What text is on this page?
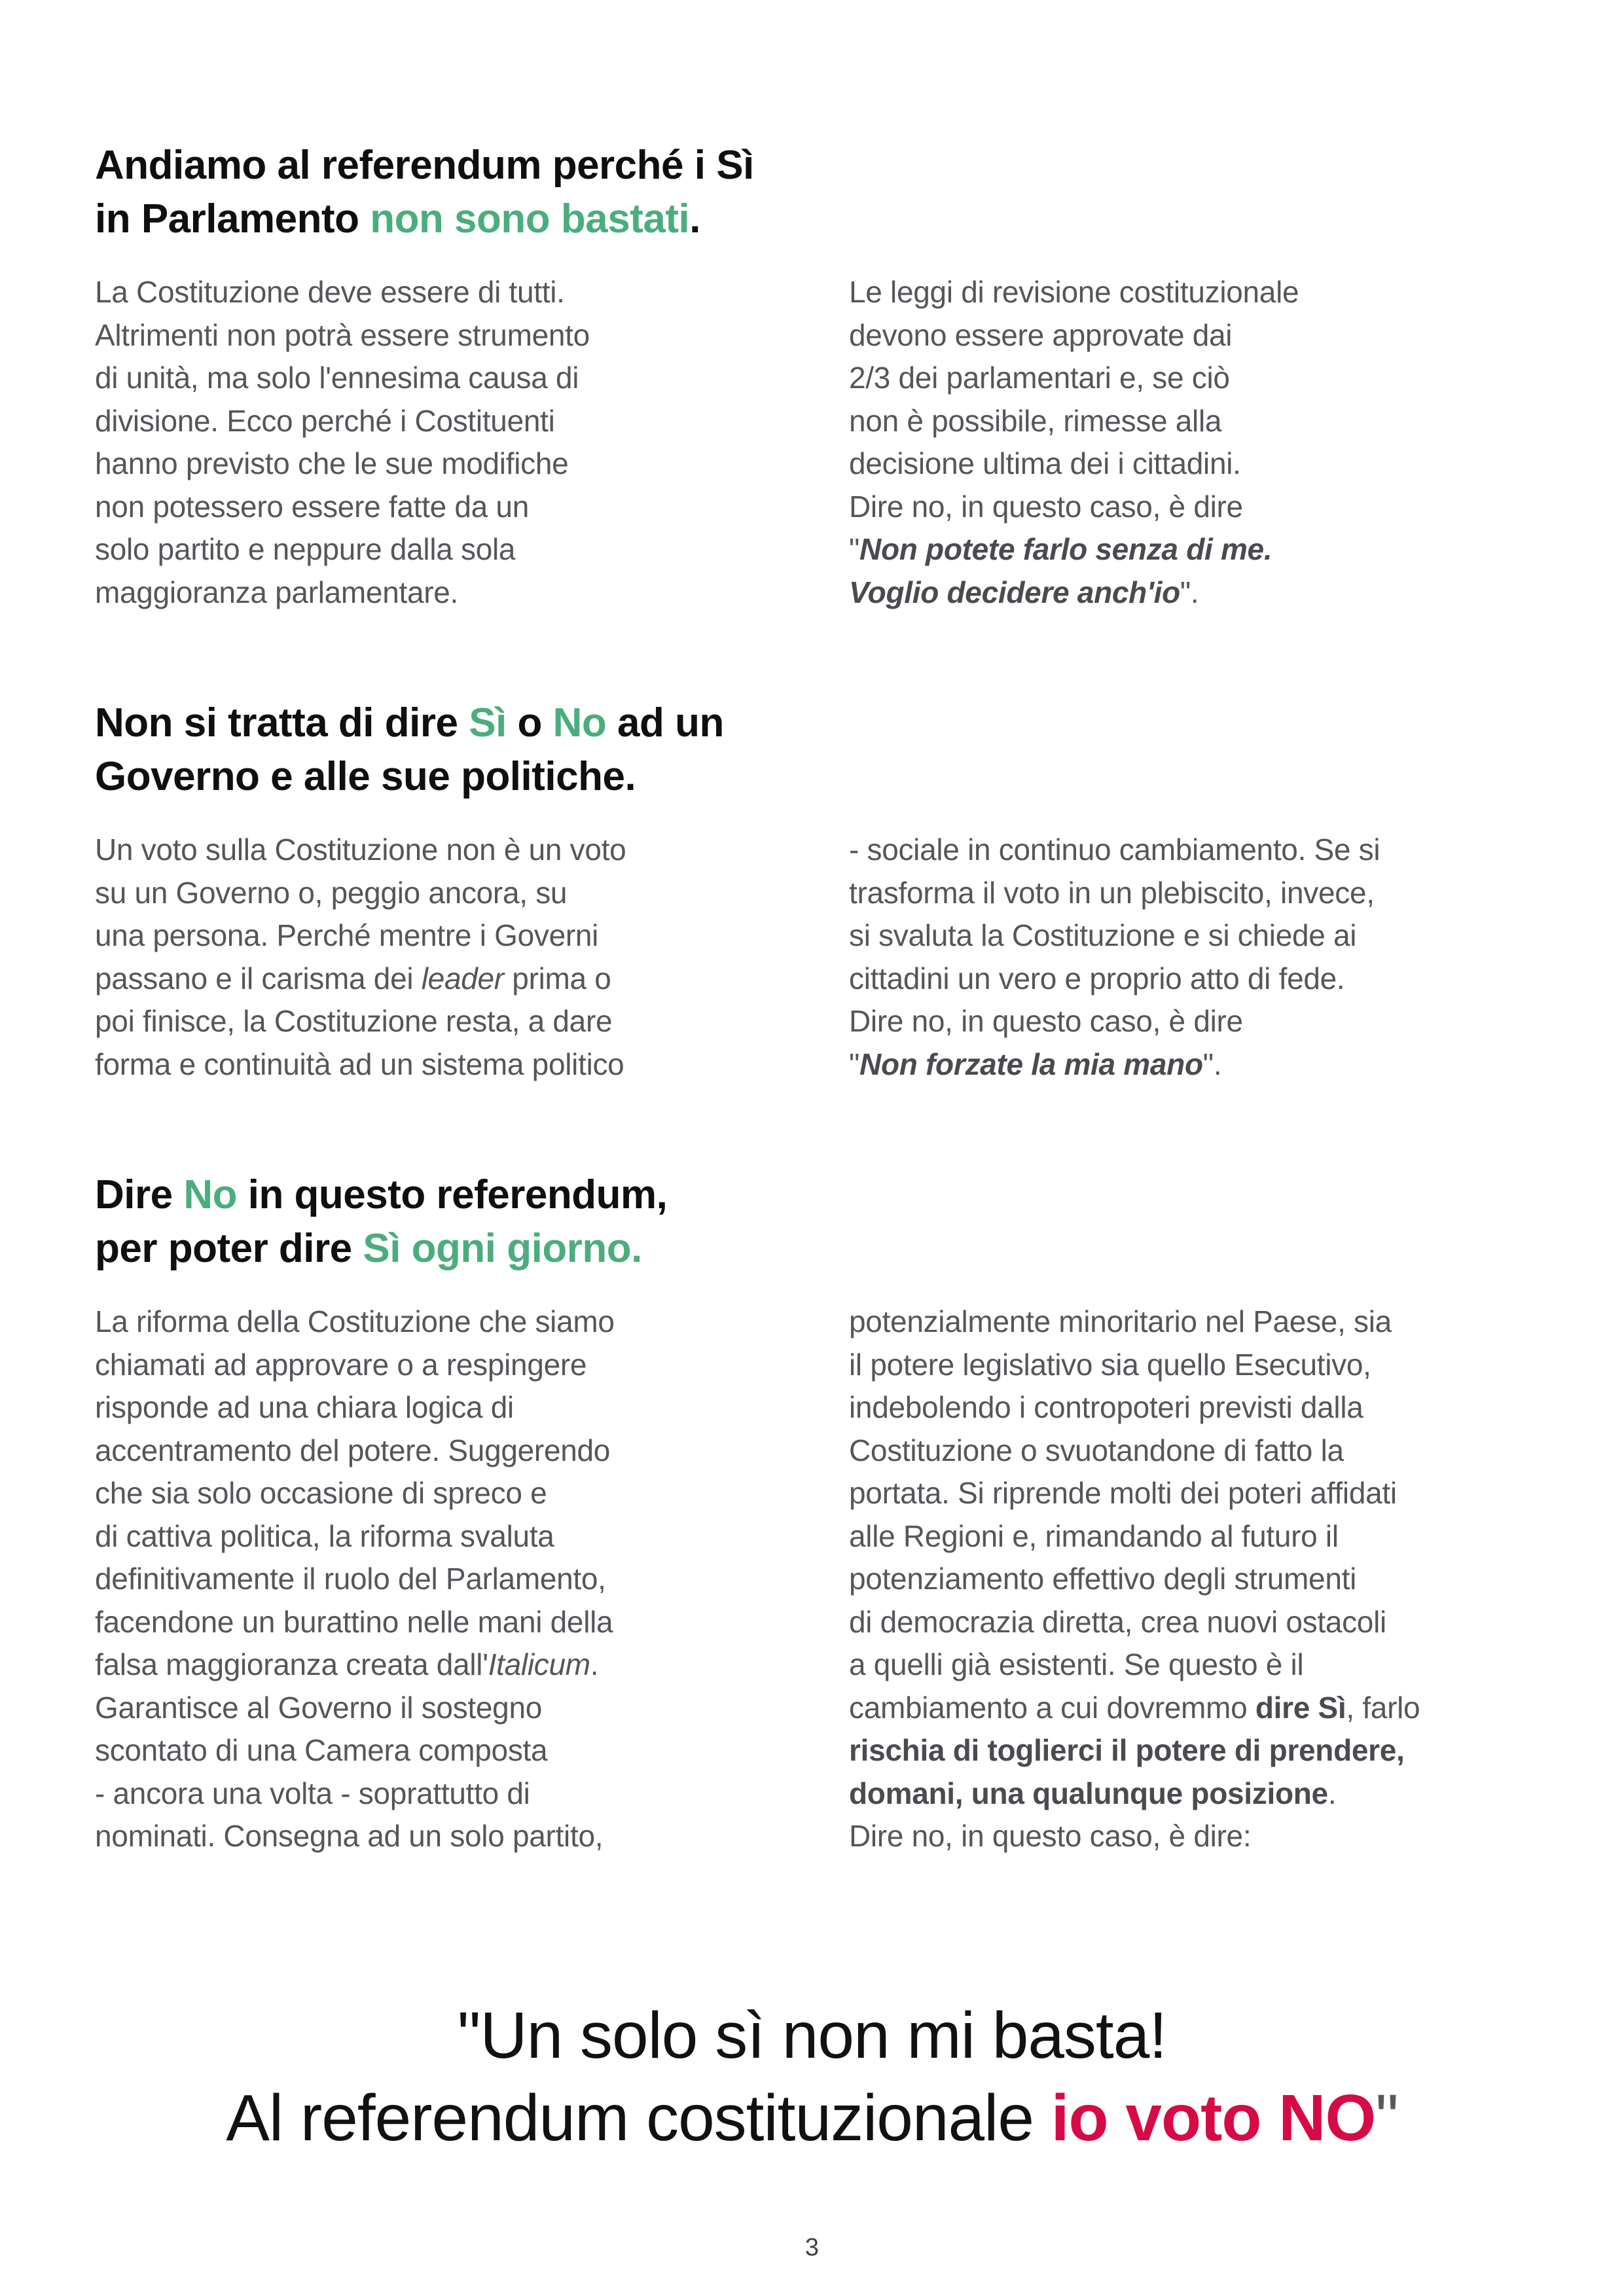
Andiamo al referendum perché i Sì
in Parlamento non sono bastati.

La Costituzione deve essere di tutti.
Altrimenti non potrà essere strumento
di unità, ma solo l'ennesima causa di
divisione. Ecco perché i Costituenti
hanno previsto che le sue modifiche
non potessero essere fatte da un
solo partito e neppure dalla sola
maggioranza parlamentare.

Le leggi di revisione costituzionale
devono essere approvate dai
2/3 dei parlamentari e, se ciò
non è possibile, rimesse alla
decisione ultima dei i cittadini.
Dire no, in questo caso, è dire
"Non potete farlo senza di me.
Voglio decidere anch'io".

Non si tratta di dire Sì o No ad un
Governo e alle sue politiche.

Un voto sulla Costituzione non è un voto
su un Governo o, peggio ancora, su
una persona. Perché mentre i Governi
passano e il carisma dei leader prima o
poi finisce, la Costituzione resta, a dare
forma e continuità ad un sistema politico

- sociale in continuo cambiamento. Se si
trasforma il voto in un plebiscito, invece,
si svaluta la Costituzione e si chiede ai
cittadini un vero e proprio atto di fede.
Dire no, in questo caso, è dire
"Non forzate la mia mano".

Dire No in questo referendum,
per poter dire Sì ogni giorno.

La riforma della Costituzione che siamo
chiamati ad approvare o a respingere
risponde ad una chiara logica di
accentramento del potere. Suggerendo
che sia solo occasione di spreco e
di cattiva politica, la riforma svaluta
definitivamente il ruolo del Parlamento,
facendone un burattino nelle mani della
falsa maggioranza creata dall'Italicum.
Garantisce al Governo il sostegno
scontato di una Camera composta
- ancora una volta - soprattutto di
nominati. Consegna ad un solo partito,

potenzialmente minoritario nel Paese, sia
il potere legislativo sia quello Esecutivo,
indebolendo i contropoteri previsti dalla
Costituzione o svuotandone di fatto la
portata. Si riprende molti dei poteri affidati
alle Regioni e, rimandando al futuro il
potenziamento effettivo degli strumenti
di democrazia diretta, crea nuovi ostacoli
a quelli già esistenti. Se questo è il
cambiamento a cui dovremmo dire Sì, farlo
rischia di toglierci il potere di prendere,
domani, una qualunque posizione.
Dire no, in questo caso, è dire:

"Un solo sì non mi basta!
Al referendum costituzionale io voto NO"
3
